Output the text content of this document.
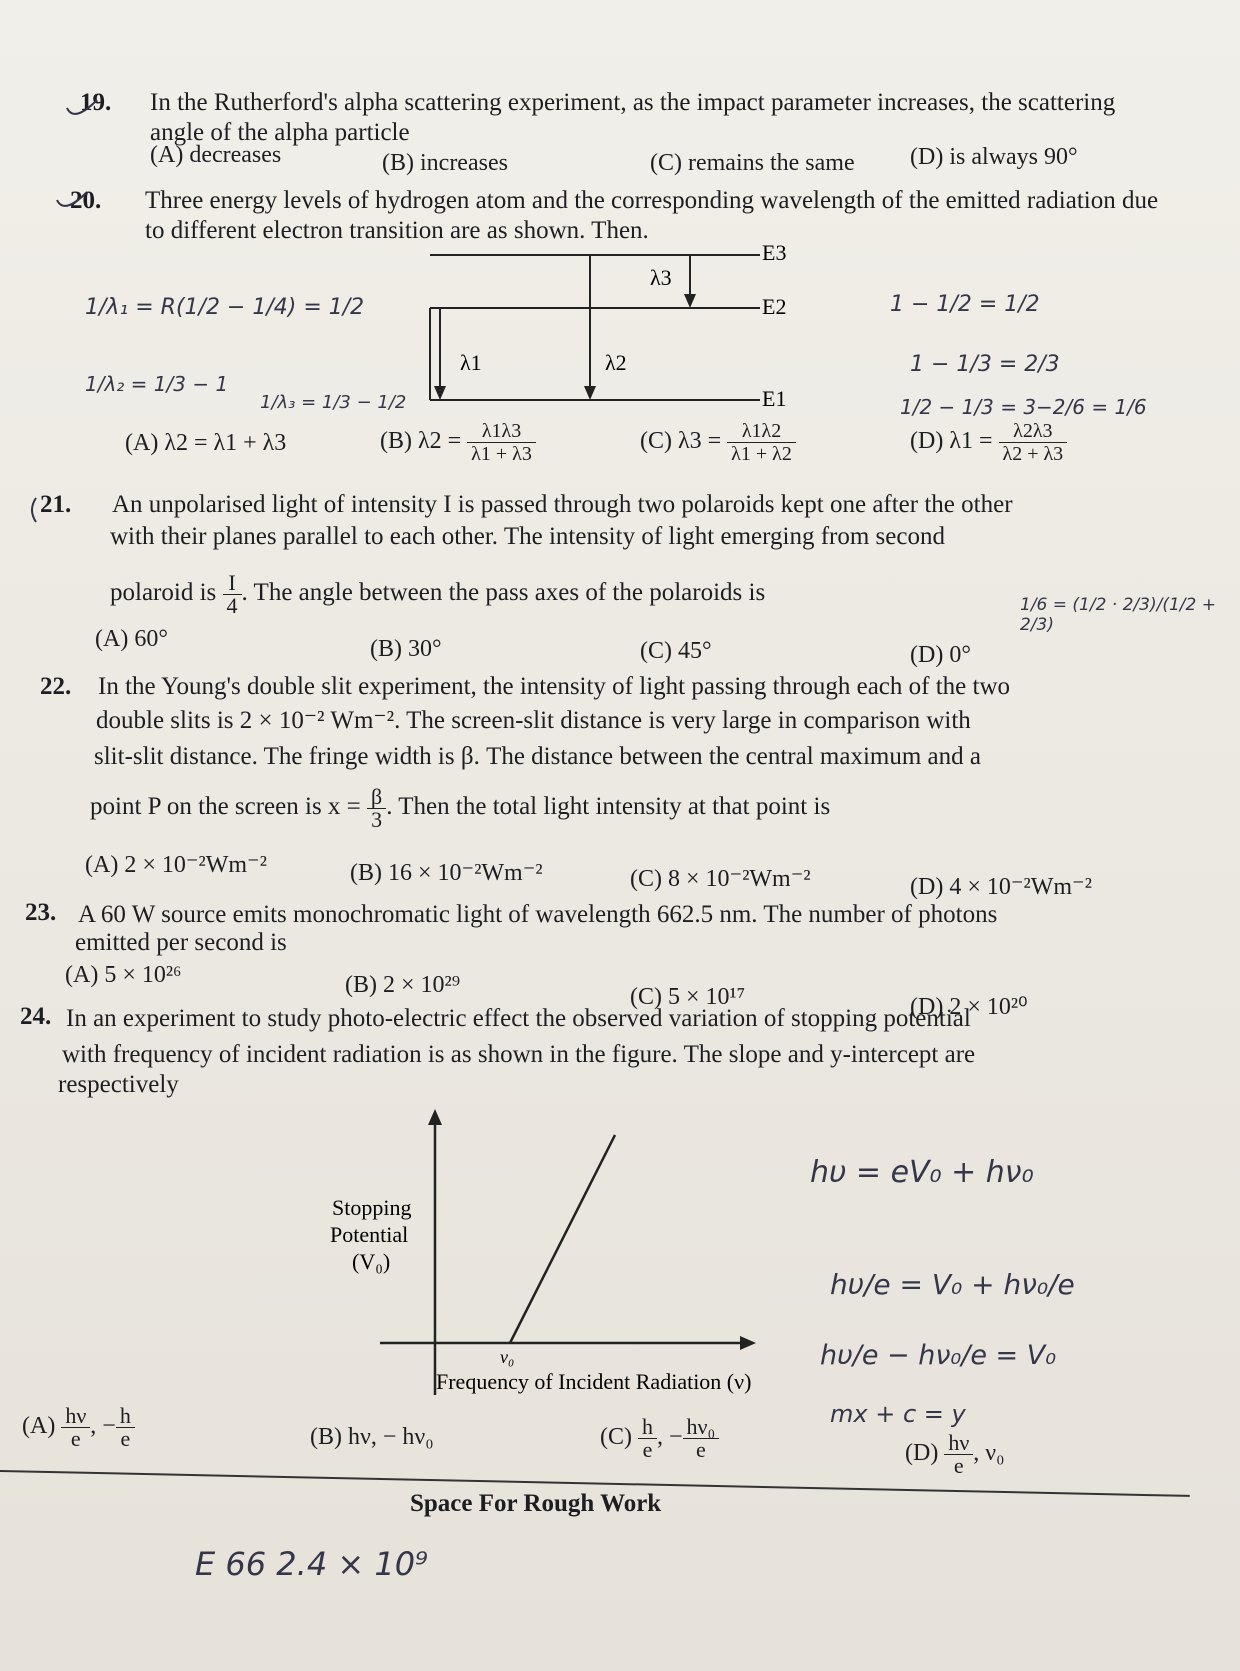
19. In the Rutherford's alpha scattering experiment, as the impact parameter increases, the scattering angle of the alpha particle
(A) decreases	(B) increases	(C) remains the same (D) is always 90°
20. Three energy levels of hydrogen atom and the corresponding wavelength of the emitted radiation due to different electron transition are as shown. Then.
E3
E2
E1
λ3
λ1	λ2
(A) λ2 = λ1 + λ3	(B) $\lambda 2 = \frac{\lambda 1\lambda 3}{\lambda 1 + \lambda 3}$	(C) $\lambda 3 = \frac{\lambda 1\lambda 2}{\lambda 1 + \lambda 2}$	(D) $\lambda 1 = \frac{\lambda 2\lambda 3}{\lambda 2 + \lambda 3}$
21. An unpolarised light of intensity I is passed through two polaroids kept one after the other
with their planes parallel to each other. The intensity of light emerging from second
polaroid is $\frac{I}{4}$ . The angle between the pass axes of the polaroids is
(A) 60°	(B) 30°	(C) 45°	(D) 0°
22. In the Young's double slit experiment, the intensity of light passing through each of the two
double slits is 2 × 10⁻² Wm⁻². The screen-slit distance is very large in comparison with
slit-slit distance. The fringe width is β. The distance between the central maximum and a
point P on the screen is $x = \frac{\beta}{3}$ . Then the total light intensity at that point is
(A) 2 × 10⁻²Wm⁻²	(B) 16 × 10⁻²Wm⁻²	(C) 8 × 10⁻²Wm⁻²	(D) 4 × 10⁻²Wm⁻²
23. A 60 W source emits monochromatic light of wavelength 662.5 nm. The number of photons
emitted per second is
(A) 5 × 10²⁶	(B) 2 × 10²⁹	(C) 5 × 10¹⁷	(D) 2 × 10²⁰
24. In an experiment to study photo-electric effect the observed variation of stopping potential
with frequency of incident radiation is as shown in the figure. The slope and y-intercept are
respectively
Stopping
Potential
(V₀)
ν₀
Frequency of Incident Radiation (ν)
$(A) \frac{h\nu}{e}$ , − $\frac{h}{e}$	(B) hν, − hν₀	$(C) \frac{h}{e}$ , − $\frac{\text{hν₀}}{e}$	$(D) \frac{h\nu}{e}$ , ν₀
Space For Rough Work
hυ = eV₀ + hν₀
hυ/e = V₀ + hν₀/e
hυ/e − hν₀/e = V₀
mx + c = y
1 − 1/2 = 1/2
1 − 1/3 = 2/3
1/2 − 1/3 = 3−2/6 = 1/6
1/λ₁ = R(1/2 − 1/4) = 1/2
1/λ₂ = 1/3 − 1
1/λ₃ = 1/3 − 1/2
1/6 = (1/2 · 2/3)/(1/2 + 2/3)
E 66 2.4 × 10⁹
